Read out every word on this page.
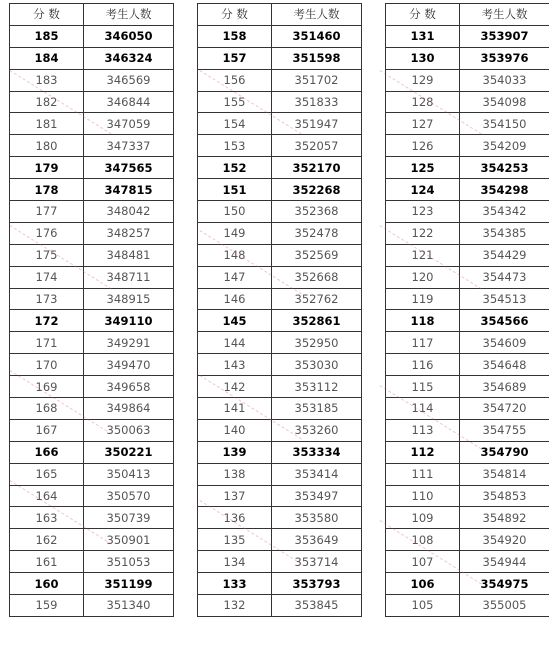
分 数	考生人数
185	346050
184	346324
183	346569
182	346844
181	347059
180	347337
179	347565
178	347815
177	348042
176	348257
175	348481
174	348711
173	348915
172	349110
171	349291
170	349470
169	349658
168	349864
167	350063
166	350221
165	350413
164	350570
163	350739
162	350901
161	351053
160	351199
159	351340
分 数	考生人数
158	351460
157	351598
156	351702
155	351833
154	351947
153	352057
152	352170
151	352268
150	352368
149	352478
148	352569
147	352668
146	352762
145	352861
144	352950
143	353030
142	353112
141	353185
140	353260
139	353334
138	353414
137	353497
136	353580
135	353649
134	353714
133	353793
132	353845
分 数	考生人数
131	353907
130	353976
129	354033
128	354098
127	354150
126	354209
125	354253
124	354298
123	354342
122	354385
121	354429
120	354473
119	354513
118	354566
117	354609
116	354648
115	354689
114	354720
113	354755
112	354790
111	354814
110	354853
109	354892
108	354920
107	354944
106	354975
105	355005
